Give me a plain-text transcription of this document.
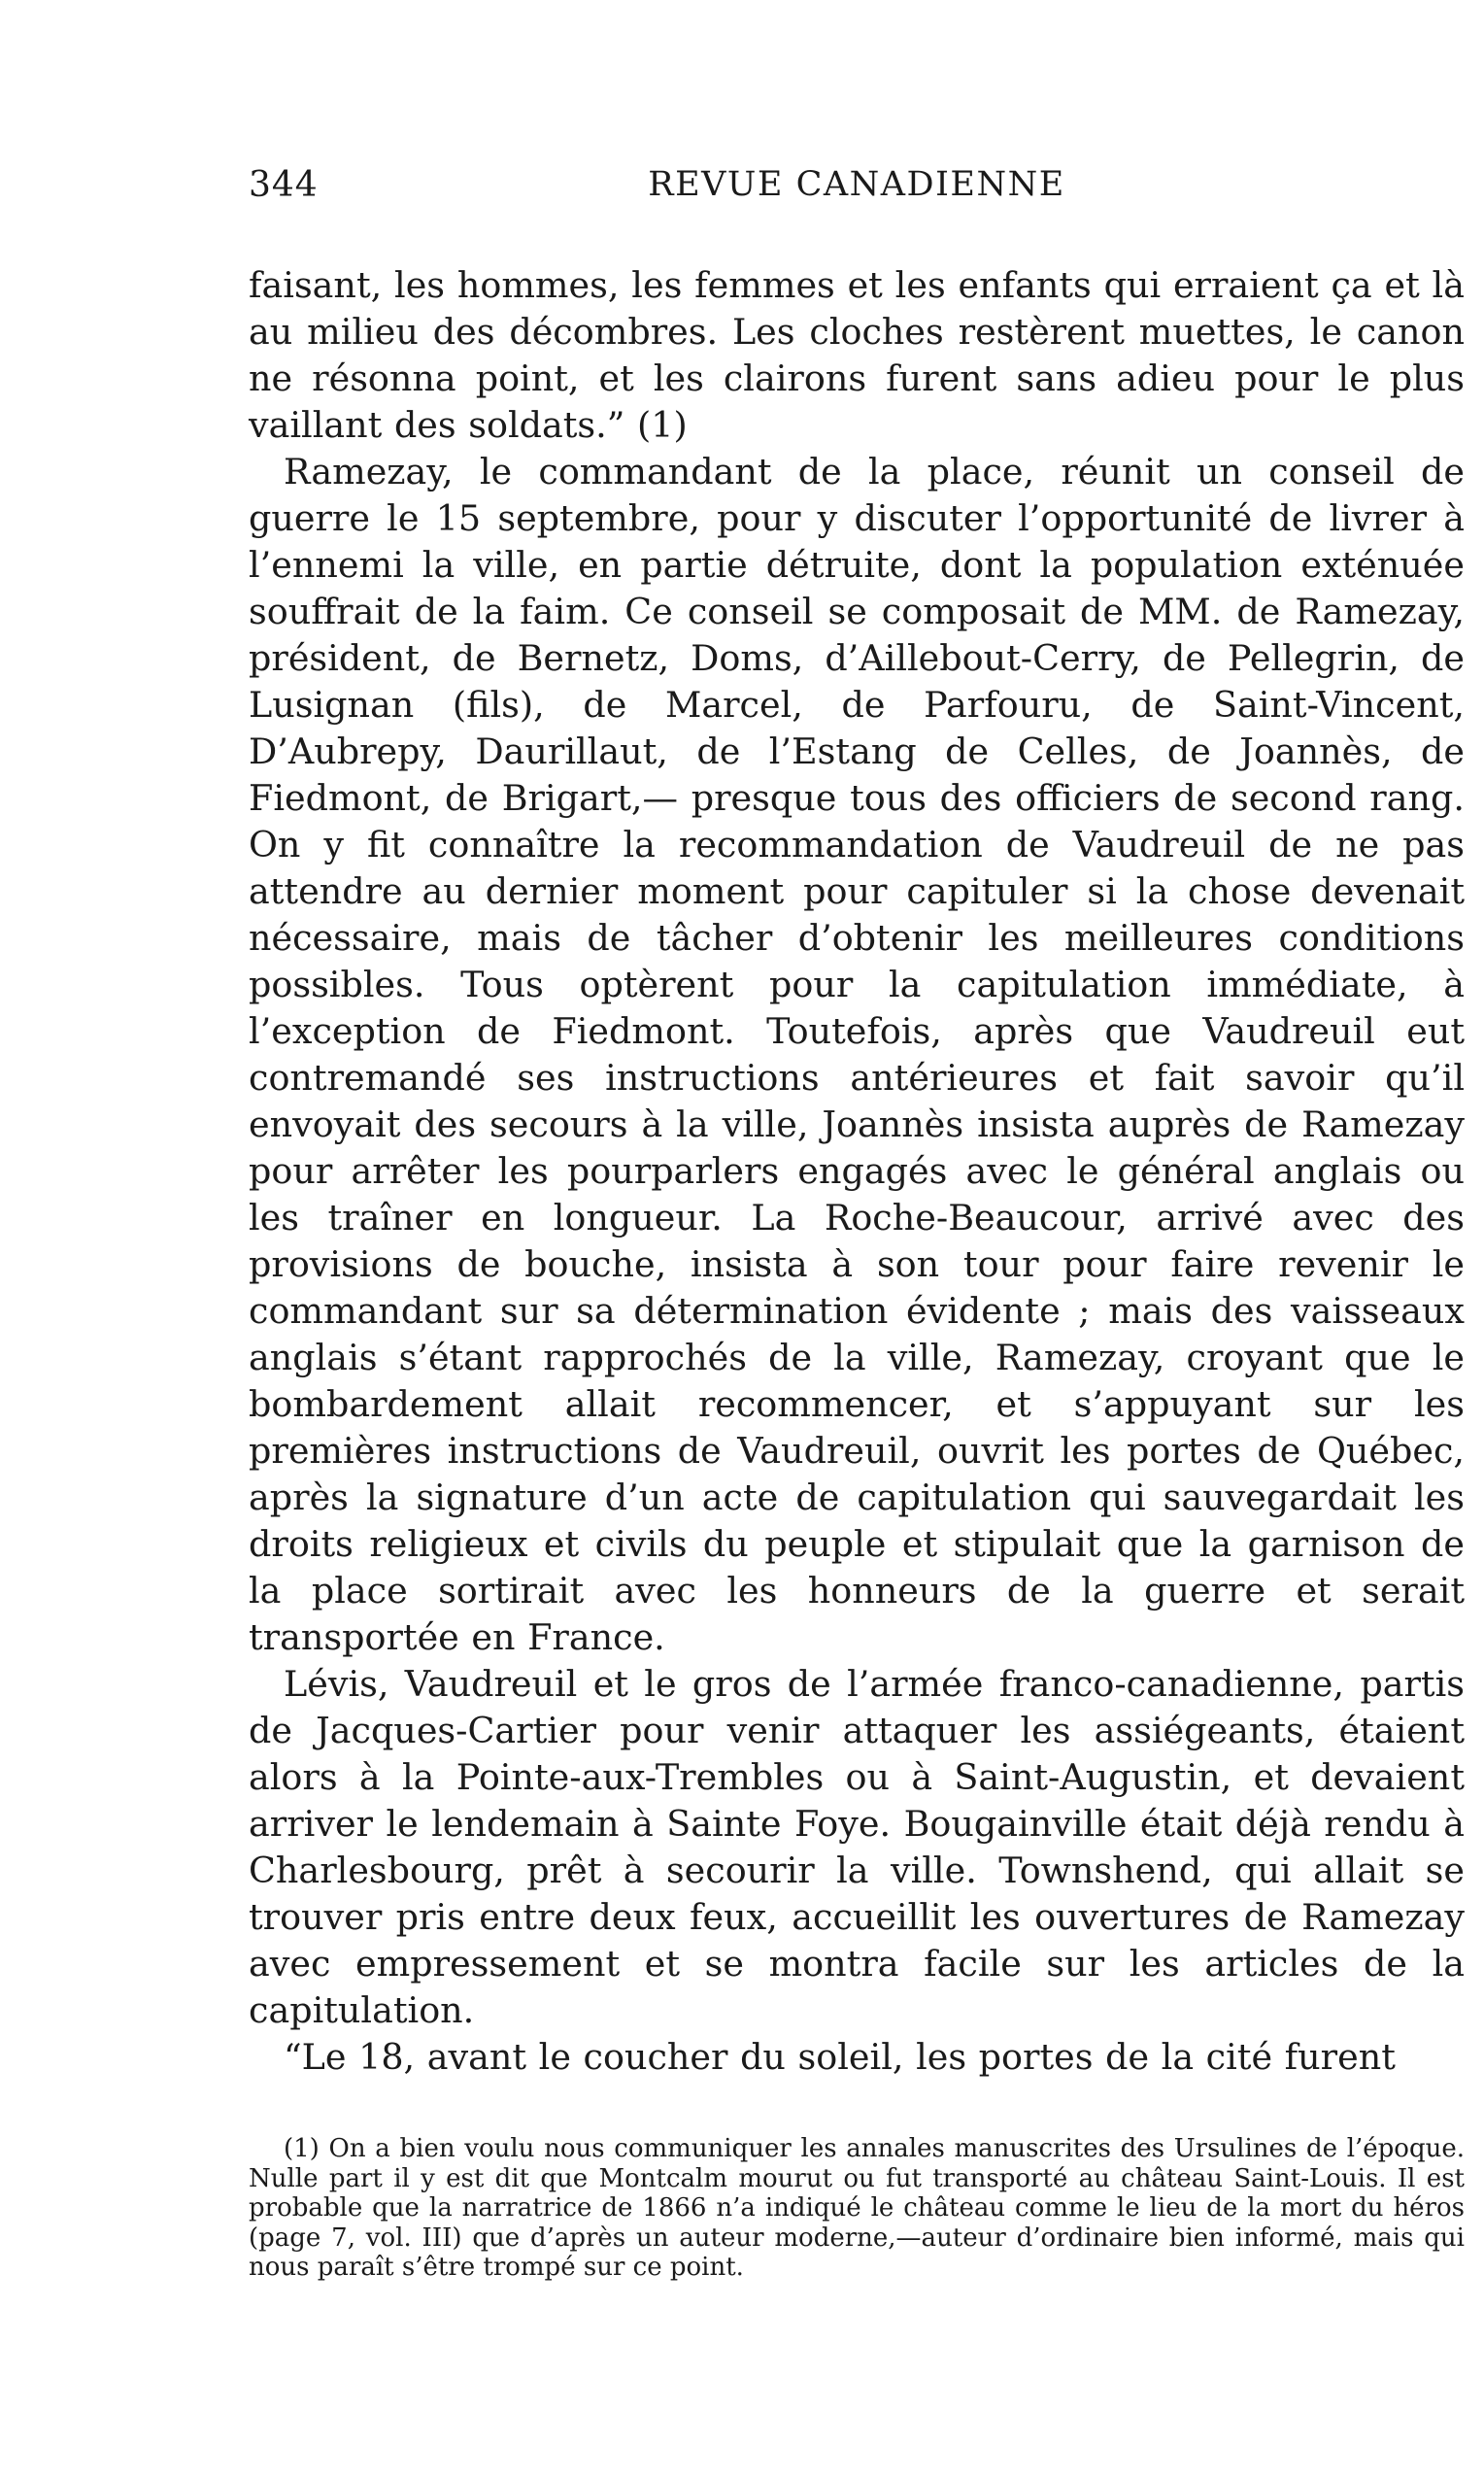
344	REVUE CANADIENNE

faisant, les hommes, les femmes et les enfants qui erraient ça et là au milieu des décombres. Les cloches restèrent muettes, le canon ne résonna point, et les clairons furent sans adieu pour le plus vaillant des soldats.” (1)

Ramezay, le commandant de la place, réunit un conseil de guerre le 15 septembre, pour y discuter l’opportunité de livrer à l’ennemi la ville, en partie détruite, dont la population exténuée souffrait de la faim. Ce conseil se composait de MM. de Ramezay, président, de Bernetz, Doms, d’Aillebout-Cerry, de Pellegrin, de Lusignan (fils), de Marcel, de Parfouru, de Saint-Vincent, D’Aubrepy, Daurillaut, de l’Estang de Celles, de Joannès, de Fiedmont, de Brigart,— presque tous des officiers de second rang. On y fit connaître la recommandation de Vaudreuil de ne pas attendre au dernier moment pour capituler si la chose devenait nécessaire, mais de tâcher d’obtenir les meilleures conditions possibles. Tous optèrent pour la capitulation immédiate, à l’exception de Fiedmont. Toutefois, après que Vaudreuil eut contremandé ses instructions antérieures et fait savoir qu’il envoyait des secours à la ville, Joannès insista auprès de Ramezay pour arrêter les pourparlers engagés avec le général anglais ou les traîner en longueur. La Roche-Beaucour, arrivé avec des provisions de bouche, insista à son tour pour faire revenir le commandant sur sa détermination évidente ; mais des vaisseaux anglais s’étant rapprochés de la ville, Ramezay, croyant que le bombardement allait recommencer, et s’appuyant sur les premières instructions de Vaudreuil, ouvrit les portes de Québec, après la signature d’un acte de capitulation qui sauvegardait les droits religieux et civils du peuple et stipulait que la garnison de la place sortirait avec les honneurs de la guerre et serait transportée en France.

Lévis, Vaudreuil et le gros de l’armée franco-canadienne, partis de Jacques-Cartier pour venir attaquer les assiégeants, étaient alors à la Pointe-aux-Trembles ou à Saint-Augustin, et devaient arriver le lendemain à Sainte Foye. Bougainville était déjà rendu à Charlesbourg, prêt à secourir la ville. Townshend, qui allait se trouver pris entre deux feux, accueillit les ouvertures de Ramezay avec empressement et se montra facile sur les articles de la capitulation.

“Le 18, avant le coucher du soleil, les portes de la cité furent

(1) On a bien voulu nous communiquer les annales manuscrites des Ursulines de l’époque. Nulle part il y est dit que Montcalm mourut ou fut transporté au château Saint-Louis. Il est probable que la narratrice de 1866 n’a indiqué le château comme le lieu de la mort du héros (page 7, vol. III) que d’après un auteur moderne,—auteur d’ordinaire bien informé, mais qui nous paraît s’être trompé sur ce point.
